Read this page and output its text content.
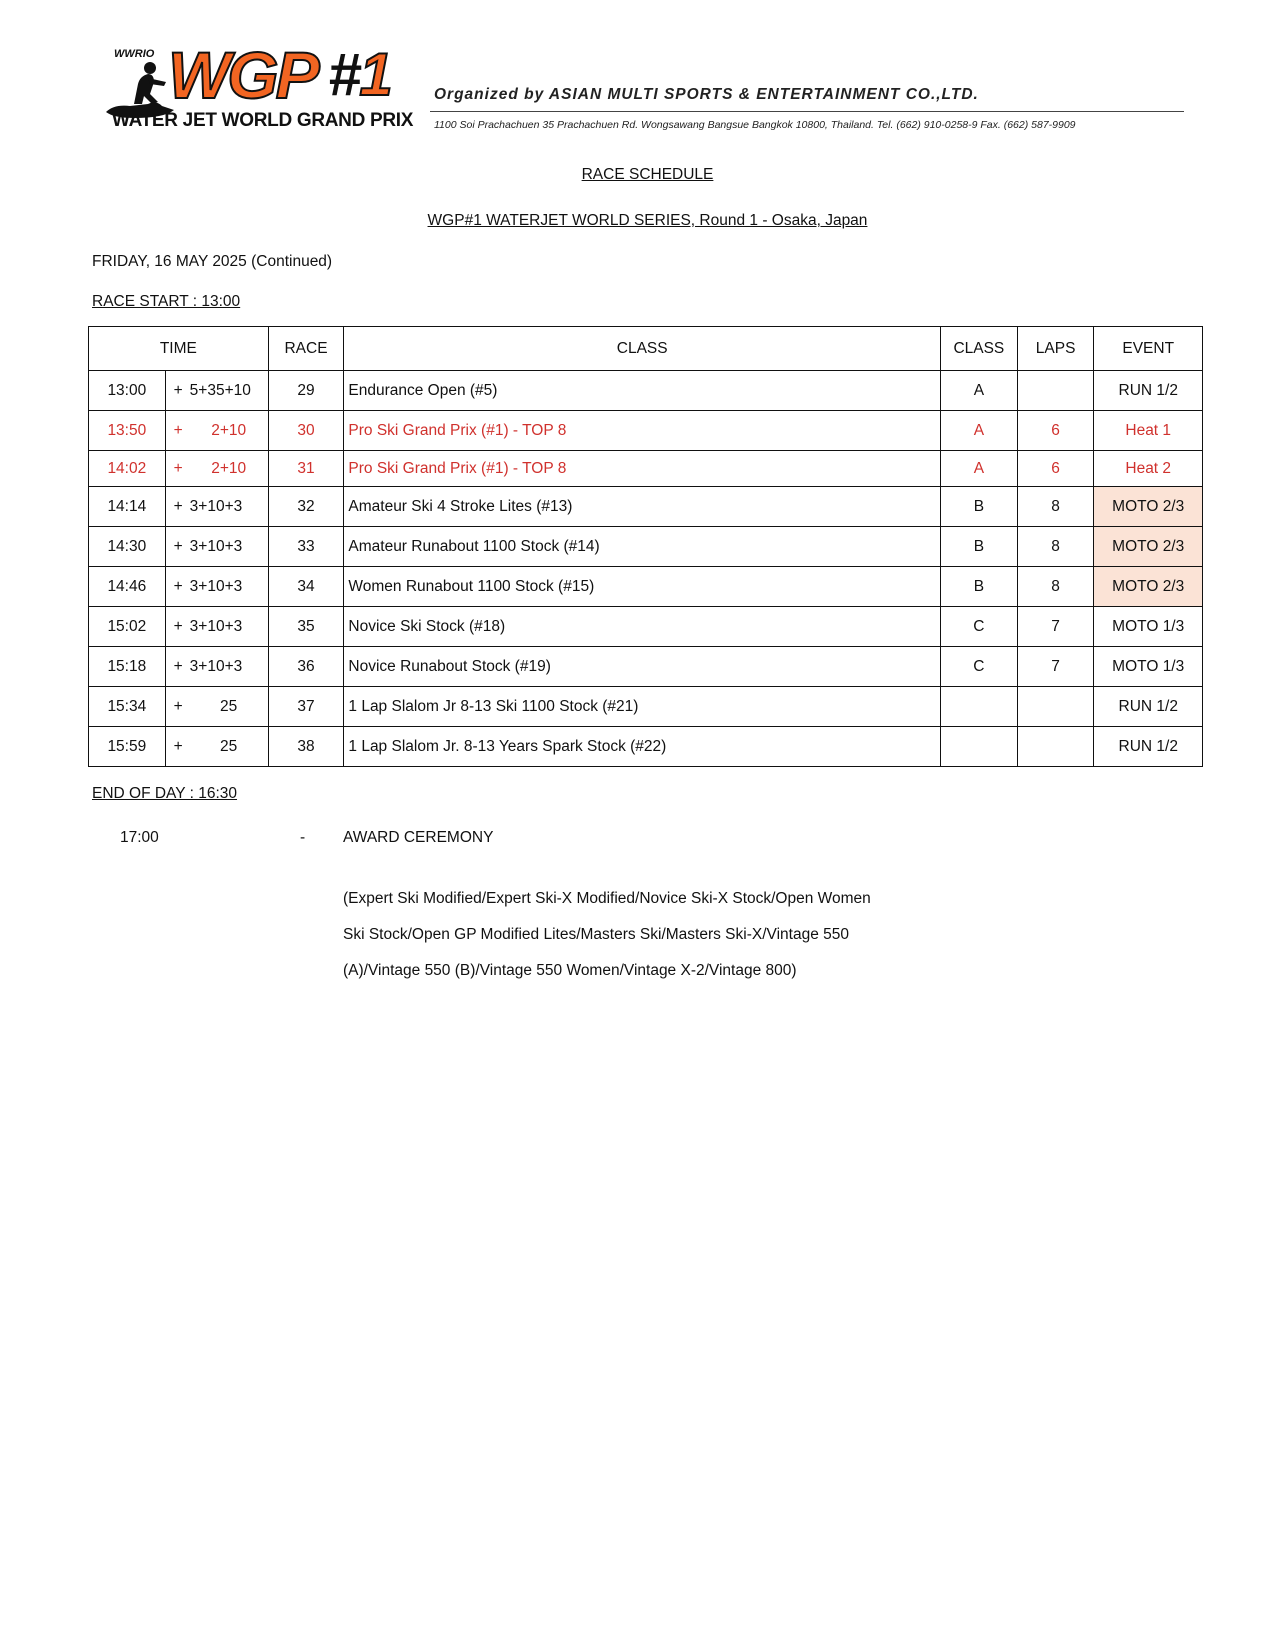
WWRIO WGP #1
WATER JET WORLD GRAND PRIX
Organized by ASIAN MULTI SPORTS & ENTERTAINMENT CO.,LTD.
1100 Soi Prachachuen 35 Prachachuen Rd. Wongsawang Bangsue Bangkok 10800, Thailand. Tel. (662) 910-0258-9 Fax. (662) 587-9909
RACE SCHEDULE
WGP#1 WATERJET WORLD SERIES, Round 1 - Osaka, Japan
FRIDAY, 16 MAY 2025 (Continued)
RACE START : 13:00
TIME		RACE	CLASS	CLASS	LAPS	EVENT
13:00	+ 5+35+10	29	Endurance Open (#5)	A		RUN 1/2
13:50	+ 2+10	30	Pro Ski Grand Prix (#1) - TOP 8	A	6	Heat 1
14:02	+ 2+10	31	Pro Ski Grand Prix (#1) - TOP 8	A	6	Heat 2
14:14	+ 3+10+3	32	Amateur Ski 4 Stroke Lites (#13)	B	8	MOTO 2/3
14:30	+ 3+10+3	33	Amateur Runabout 1100 Stock (#14)	B	8	MOTO 2/3
14:46	+ 3+10+3	34	Women Runabout 1100 Stock (#15)	B	8	MOTO 2/3
15:02	+ 3+10+3	35	Novice Ski Stock (#18)	C	7	MOTO 1/3
15:18	+ 3+10+3	36	Novice Runabout Stock (#19)	C	7	MOTO 1/3
15:34	+ 25	37	1 Lap Slalom Jr 8-13 Ski 1100 Stock (#21)			RUN 1/2
15:59	+ 25	38	1 Lap Slalom Jr. 8-13 Years Spark Stock (#22)			RUN 1/2
END OF DAY : 16:30
17:00	- AWARD CEREMONY
(Expert Ski Modified/Expert Ski-X Modified/Novice Ski-X Stock/Open Women
Ski Stock/Open GP Modified Lites/Masters Ski/Masters Ski-X/Vintage 550
(A)/Vintage 550 (B)/Vintage 550 Women/Vintage X-2/Vintage 800)
